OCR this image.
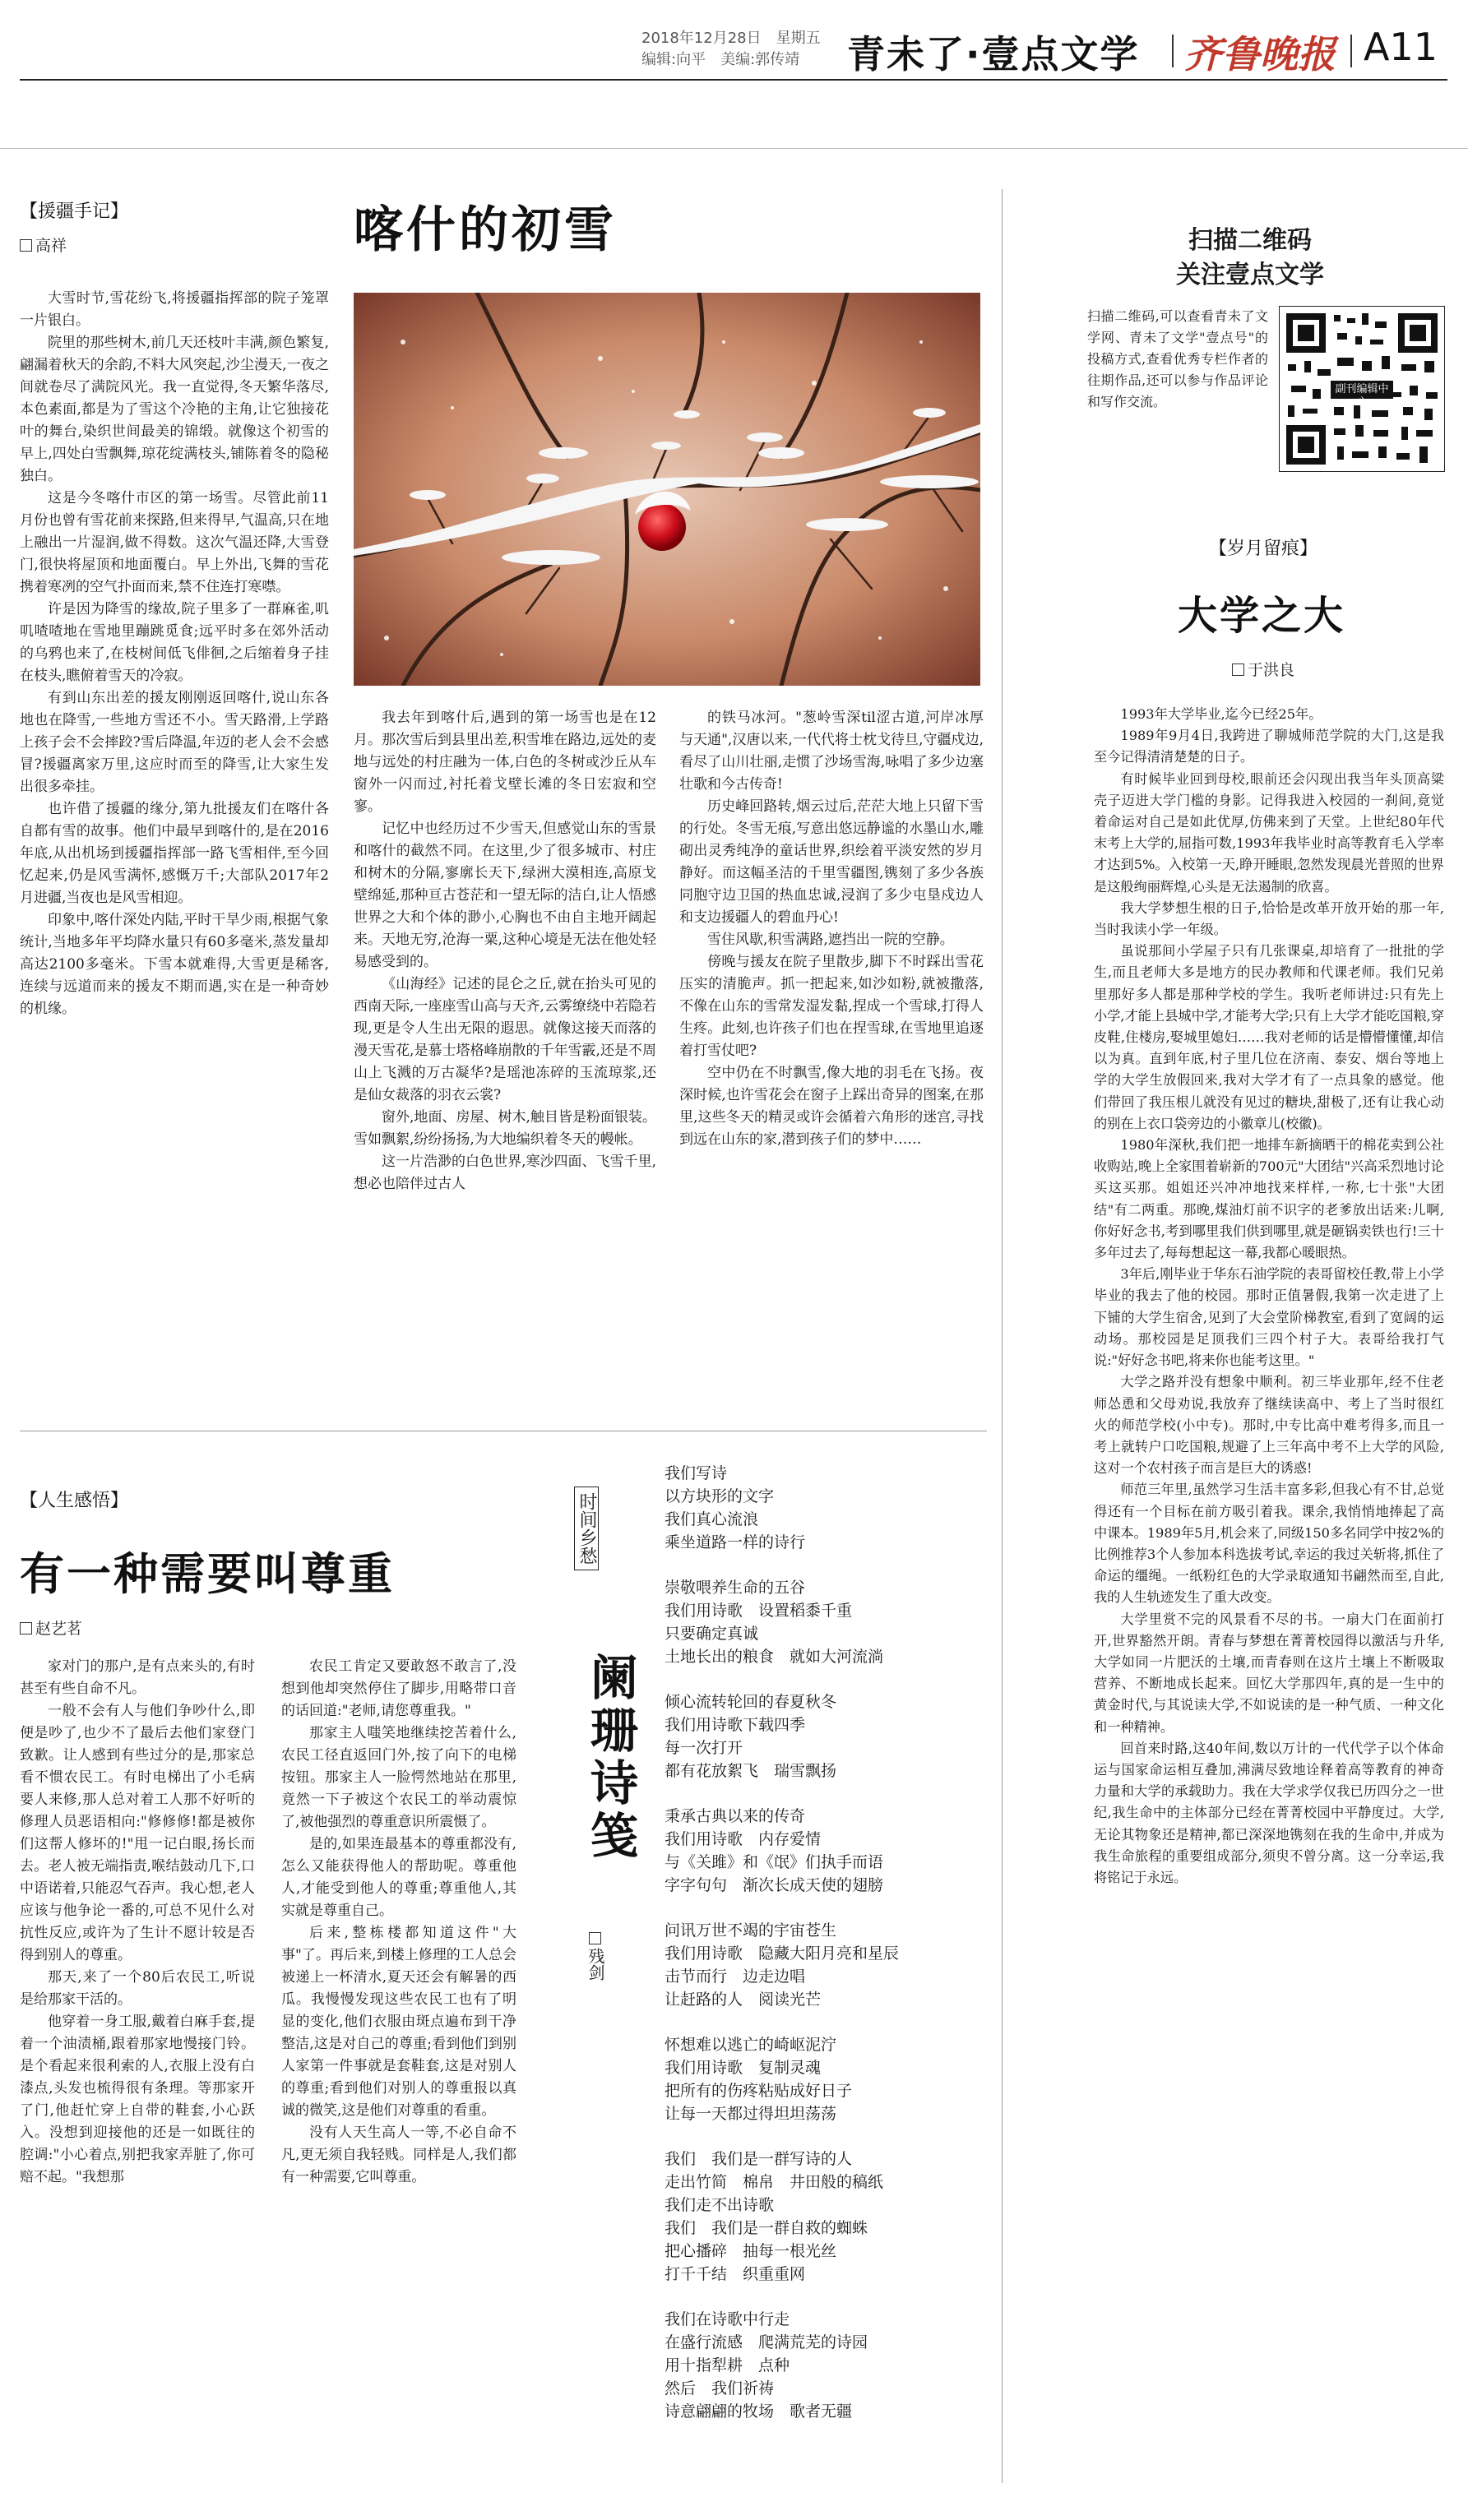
2018年12月28日　星期五
编辑:向平　美编:郭传靖 青未了·壹点文学 齐鲁晚报 A11
【援疆手记】
高祥	喀什的初雪

大雪时节,雪花纷飞,将援疆指挥部的院子笼罩一片银白。

院里的那些树木,前几天还枝叶丰满,颜色繁复,翩漏着秋天的余韵,不料大风突起,沙尘漫天,一夜之间就卷尽了满院风光。我一直觉得,冬天繁华落尽,本色素面,都是为了雪这个冷艳的主角,让它独接花叶的舞台,染织世间最美的锦缎。就像这个初雪的早上,四处白雪飘舞,琼花绽满枝头,铺陈着冬的隐秘独白。

这是今冬喀什市区的第一场雪。尽管此前11月份也曾有雪花前来探路,但来得早,气温高,只在地上融出一片湿润,做不得数。这次气温还降,大雪登门,很快将屋顶和地面覆白。早上外出,飞舞的雪花携着寒冽的空气扑面而来,禁不住连打寒噤。

许是因为降雪的缘故,院子里多了一群麻雀,叽叽喳喳地在雪地里蹦跳觅食;远平时多在郊外活动的乌鸦也来了,在枝树间低飞俳徊,之后缩着身子挂在枝头,瞧俯着雪天的冷寂。

有到山东出差的援友刚刚返回喀什,说山东各地也在降雪,一些地方雪还不小。雪天路滑,上学路上孩子会不会摔跤?雪后降温,年迈的老人会不会感冒?援疆离家万里,这应时而至的降雪,让大家生发出很多牵挂。

也许借了援疆的缘分,第九批援友们在喀什各自都有雪的故事。他们中最早到喀什的,是在2016年底,从出机场到援疆指挥部一路飞雪相伴,至今回忆起来,仍是风雪满怀,感慨万千;大部队2017年2月进疆,当夜也是风雪相迎。

印象中,喀什深处内陆,平时干旱少雨,根据气象统计,当地多年平均降水量只有60多毫米,蒸发量却高达2100多毫米。下雪本就难得,大雪更是稀客,连续与远道而来的援友不期而遇,实在是一种奇妙的机缘。

我去年到喀什后,遇到的第一场雪也是在12月。那次雪后到县里出差,积雪堆在路边,远处的麦地与远处的村庄融为一体,白色的冬树或沙丘从车窗外一闪而过,衬托着戈壁长滩的冬日宏寂和空寥。

记忆中也经历过不少雪天,但感觉山东的雪景和喀什的截然不同。在这里,少了很多城市、村庄和树木的分隔,寥廓长天下,绿洲大漠相连,高原戈壁绵延,那种亘古苍茫和一望无际的洁白,让人悟感世界之大和个体的渺小,心胸也不由自主地开阔起来。天地无穷,沧海一粟,这种心境是无法在他处轻易感受到的。

《山海经》记述的昆仑之丘,就在抬头可见的西南天际,一座座雪山高与天齐,云雾缭绕中若隐若现,更是令人生出无限的遐思。就像这接天而落的漫天雪花,是慕士塔格峰崩散的千年雪霰,还是不周山上飞溅的万古凝华?是瑶池冻碎的玉流琼浆,还是仙女裁落的羽衣云裳?

窗外,地面、房屋、树木,触目皆是粉面银装。雪如飘絮,纷纷扬扬,为大地编织着冬天的幔帐。

这一片浩渺的白色世界,寒沙四面、飞雪千里,想必也陪伴过古人

的铁马冰河。"葱岭雪深til涩古道,河岸冰厚与天通",汉唐以来,一代代将士枕戈待旦,守疆戍边,看尽了山川壮丽,走惯了沙场雪海,咏唱了多少边塞壮歌和今古传奇!

历史峰回路转,烟云过后,茫茫大地上只留下雪的行处。冬雪无痕,写意出悠远静谧的水墨山水,雕砌出灵秀纯净的童话世界,织绘着平淡安然的岁月静好。而这幅圣洁的千里雪疆图,镌刻了多少各族同胞守边卫国的热血忠诚,浸润了多少屯垦戍边人和支边援疆人的碧血丹心!

雪住风歇,积雪满路,遮挡出一院的空静。

傍晚与援友在院子里散步,脚下不时踩出雪花压实的清脆声。抓一把起来,如沙如粉,就被撒落,不像在山东的雪常发湿发黏,捏成一个雪球,打得人生疼。此刻,也许孩子们也在捏雪球,在雪地里追逐着打雪仗吧?

空中仍在不时飘雪,像大地的羽毛在飞扬。夜深时候,也许雪花会在窗子上踩出奇异的图案,在那里,这些冬天的精灵或许会循着六角形的迷宫,寻找到远在山东的家,潜到孩子们的梦中……

扫描二维码
关注壹点文学
扫描二维码,可以查看青未了文学网、青未了文学"壹点号"的投稿方式,查看优秀专栏作者的往期作品,还可以参与作品评论和写作交流。
副刊编辑中心
【岁月留痕】
大学之大
于洪良

1993年大学毕业,迄今已经25年。

1989年9月4日,我跨进了聊城师范学院的大门,这是我至今记得清清楚楚的日子。

有时候毕业回到母校,眼前还会闪现出我当年头顶高粱壳子迈进大学门槛的身影。记得我进入校园的一刹间,竟觉着命运对自己是如此优厚,仿佛来到了天堂。上世纪80年代末考上大学的,屈指可数,1993年我毕业时高等教育毛入学率才达到5%。入校第一天,睁开睡眼,忽然发现晨光普照的世界是这般绚丽辉煌,心头是无法遏制的欣喜。

我大学梦想生根的日子,恰恰是改革开放开始的那一年,当时我读小学一年级。

虽说那间小学屋子只有几张课桌,却培育了一批批的学生,而且老师大多是地方的民办教师和代课老师。我们兄弟里那好多人都是那种学校的学生。我听老师讲过:只有先上小学,才能上县城中学,才能考大学;只有上大学才能吃国粮,穿皮鞋,住楼房,娶城里媳妇……我对老师的话是懵懵懂懂,却信以为真。直到年底,村子里几位在济南、泰安、烟台等地上学的大学生放假回来,我对大学才有了一点具象的感觉。他们带回了我压根儿就没有见过的糖块,甜极了,还有让我心动的别在上衣口袋旁边的小徽章儿(校徽)。

1980年深秋,我们把一地排车新摘晒干的棉花卖到公社收购站,晚上全家围着崭新的700元"大团结"兴高采烈地讨论买这买那。姐姐还兴冲冲地找来样样,一称,七十张"大团结"有二两重。那晚,煤油灯前不识字的老爹放出话来:儿啊,你好好念书,考到哪里我们供到哪里,就是砸锅卖铁也行!三十多年过去了,每每想起这一幕,我都心暖眼热。

3年后,刚毕业于华东石油学院的表哥留校任教,带上小学毕业的我去了他的校园。那时正值暑假,我第一次走进了上下铺的大学生宿舍,见到了大会堂阶梯教室,看到了宽阔的运动场。那校园是足顶我们三四个村子大。表哥给我打气说:"好好念书吧,将来你也能考这里。"

大学之路并没有想象中顺利。初三毕业那年,经不住老师怂恿和父母劝说,我放弃了继续读高中、考上了当时很红火的师范学校(小中专)。那时,中专比高中难考得多,而且一考上就转户口吃国粮,规避了上三年高中考不上大学的风险,这对一个农村孩子而言是巨大的诱惑!

师范三年里,虽然学习生活丰富多彩,但我心有不甘,总觉得还有一个目标在前方吸引着我。课余,我悄悄地捧起了高中课本。1989年5月,机会来了,同级150多名同学中按2%的比例推荐3个人参加本科选拔考试,幸运的我过关斩将,抓住了命运的缰绳。一纸粉红色的大学录取通知书翩然而至,自此,我的人生轨迹发生了重大改变。

大学里赏不完的风景看不尽的书。一扇大门在面前打开,世界豁然开朗。青春与梦想在菁菁校园得以激活与升华,大学如同一片肥沃的土壤,而青春则在这片土壤上不断吸取营养、不断地成长起来。回忆大学那四年,真的是一生中的黄金时代,与其说读大学,不如说读的是一种气质、一种文化和一种精神。

回首来时路,这40年间,数以万计的一代代学子以个体命运与国家命运相互叠加,沸满尽致地诠释着高等教育的神奇力量和大学的承载助力。我在大学求学仅我已历四分之一世纪,我生命中的主体部分已经在菁菁校园中平静度过。大学,无论其物象还是精神,都已深深地镌刻在我的生命中,并成为我生命旅程的重要组成部分,须臾不曾分离。这一分幸运,我将铭记于永远。

【人生感悟】
有一种需要叫尊重
赵艺茗

家对门的那户,是有点来头的,有时甚至有些自命不凡。

一般不会有人与他们争吵什么,即便是吵了,也少不了最后去他们家登门致歉。让人感到有些过分的是,那家总看不惯农民工。有时电梯出了小毛病要人来修,那人总对着工人那不好听的修理人员恶语相向:"修修修!都是被你们这帮人修坏的!"甩一记白眼,扬长而去。老人被无端指责,喉结鼓动几下,口中语诺着,只能忍气吞声。我心想,老人应该与他争论一番的,可总不见什么对抗性反应,或许为了生计不愿计较是否得到别人的尊重。

那天,来了一个80后农民工,听说是给那家干活的。

他穿着一身工服,戴着白麻手套,提着一个油渍桶,跟着那家地慢接门铃。是个看起来很利索的人,衣服上没有白漆点,头发也梳得很有条理。等那家开了门,他赶忙穿上自带的鞋套,小心跃入。没想到迎接他的还是一如既往的腔调:"小心着点,别把我家弄脏了,你可赔不起。"我想那

农民工肯定又要敢怒不敢言了,没想到他却突然停住了脚步,用略带口音的话回道:"老师,请您尊重我。"

那家主人嗤笑地继续挖苦着什么,农民工径直返回门外,按了向下的电梯按钮。那家主人一脸愕然地站在那里,竟然一下子被这个农民工的举动震惊了,被他强烈的尊重意识所震慑了。

是的,如果连最基本的尊重都没有,怎么又能获得他人的帮助呢。尊重他人,才能受到他人的尊重;尊重他人,其实就是尊重自己。

后来,整栋楼都知道这件"大事"了。再后来,到楼上修理的工人总会被递上一杯清水,夏天还会有解暑的西瓜。我慢慢发现这些农民工也有了明显的变化,他们衣服由斑点遍布到干净整洁,这是对自己的尊重;看到他们到别人家第一件事就是套鞋套,这是对别人的尊重;看到他们对别人的尊重报以真诚的微笑,这是他们对尊重的看重。

没有人天生高人一等,不必自命不凡,更无须自我轻贱。同样是人,我们都有一种需要,它叫尊重。

时间乡愁
阑珊诗笺
残剑
我们写诗
以方块形的文字
我们真心流浪
乘坐道路一样的诗行
崇敬喂养生命的五谷
我们用诗歌　设置稻黍千重
只要确定真诚
土地长出的粮食　就如大河流淌
倾心流转轮回的春夏秋冬
我们用诗歌下载四季
每一次打开
都有花放絮飞　瑞雪飘扬
秉承古典以来的传奇
我们用诗歌　内存爱情
与《关雎》和《氓》们执手而语
字字句句　渐次长成天使的翅膀
问讯万世不竭的宇宙苍生
我们用诗歌　隐藏大阳月亮和星辰
击节而行　边走边唱
让赶路的人　阅读光芒
怀想难以逃亡的崎岖泥泞
我们用诗歌　复制灵魂
把所有的伤疼粘贴成好日子
让每一天都过得坦坦荡荡
我们　我们是一群写诗的人
走出竹简　棉帛　井田般的稿纸
我们走不出诗歌
我们　我们是一群自救的蜘蛛
把心播碎　抽每一根光丝
打千千结　织重重网
我们在诗歌中行走
在盛行流感　爬满荒芜的诗园
用十指犁耕　点种
然后　我们祈祷
诗意翩翩的牧场　歌者无疆
